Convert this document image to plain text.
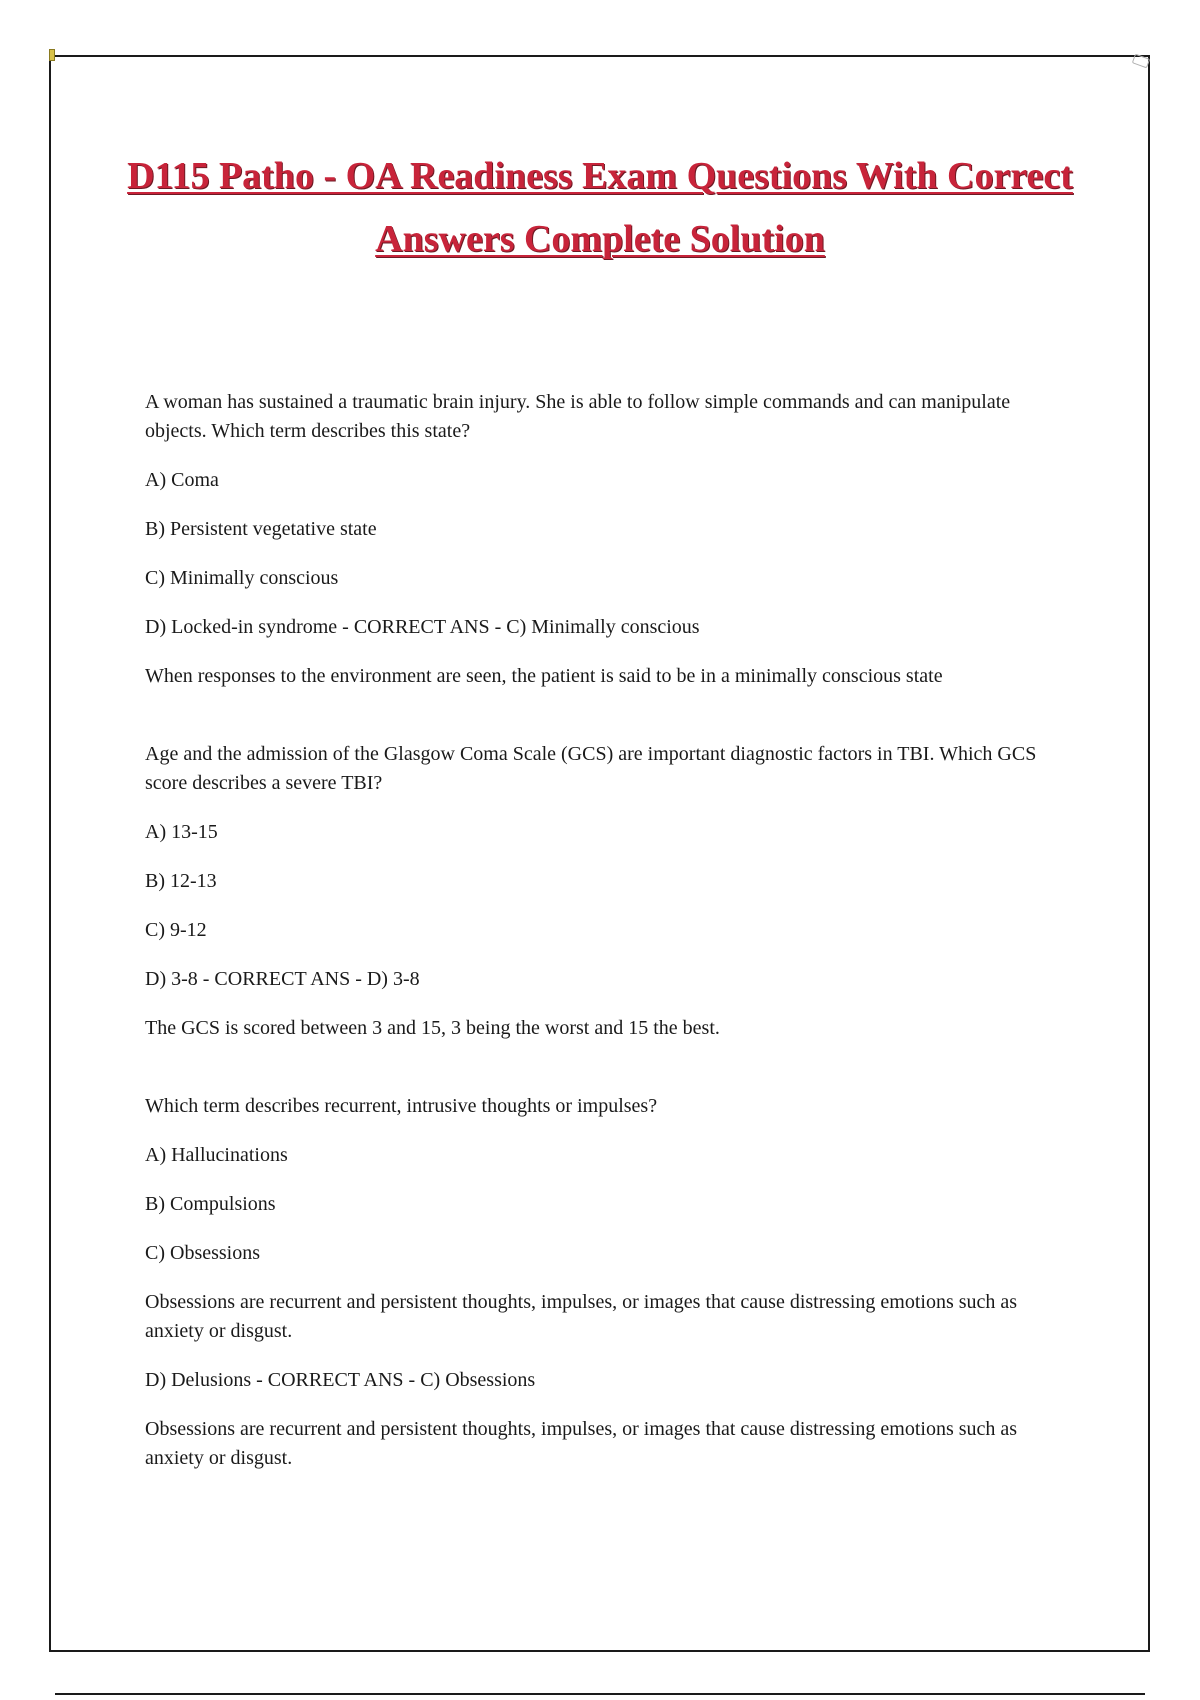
D115 Patho - OA Readiness Exam Questions With Correct Answers Complete Solution
A woman has sustained a traumatic brain injury. She is able to follow simple commands and can manipulate objects. Which term describes this state?
A) Coma
B) Persistent vegetative state
C) Minimally conscious
D) Locked-in syndrome - CORRECT ANS - C) Minimally conscious
When responses to the environment are seen, the patient is said to be in a minimally conscious state
Age and the admission of the Glasgow Coma Scale (GCS) are important diagnostic factors in TBI. Which GCS score describes a severe TBI?
A) 13-15
B) 12-13
C) 9-12
D) 3-8 - CORRECT ANS - D) 3-8
The GCS is scored between 3 and 15, 3 being the worst and 15 the best.
Which term describes recurrent, intrusive thoughts or impulses?
A) Hallucinations
B) Compulsions
C) Obsessions
Obsessions are recurrent and persistent thoughts, impulses, or images that cause distressing emotions such as anxiety or disgust.
D) Delusions - CORRECT ANS - C) Obsessions
Obsessions are recurrent and persistent thoughts, impulses, or images that cause distressing emotions such as anxiety or disgust.
